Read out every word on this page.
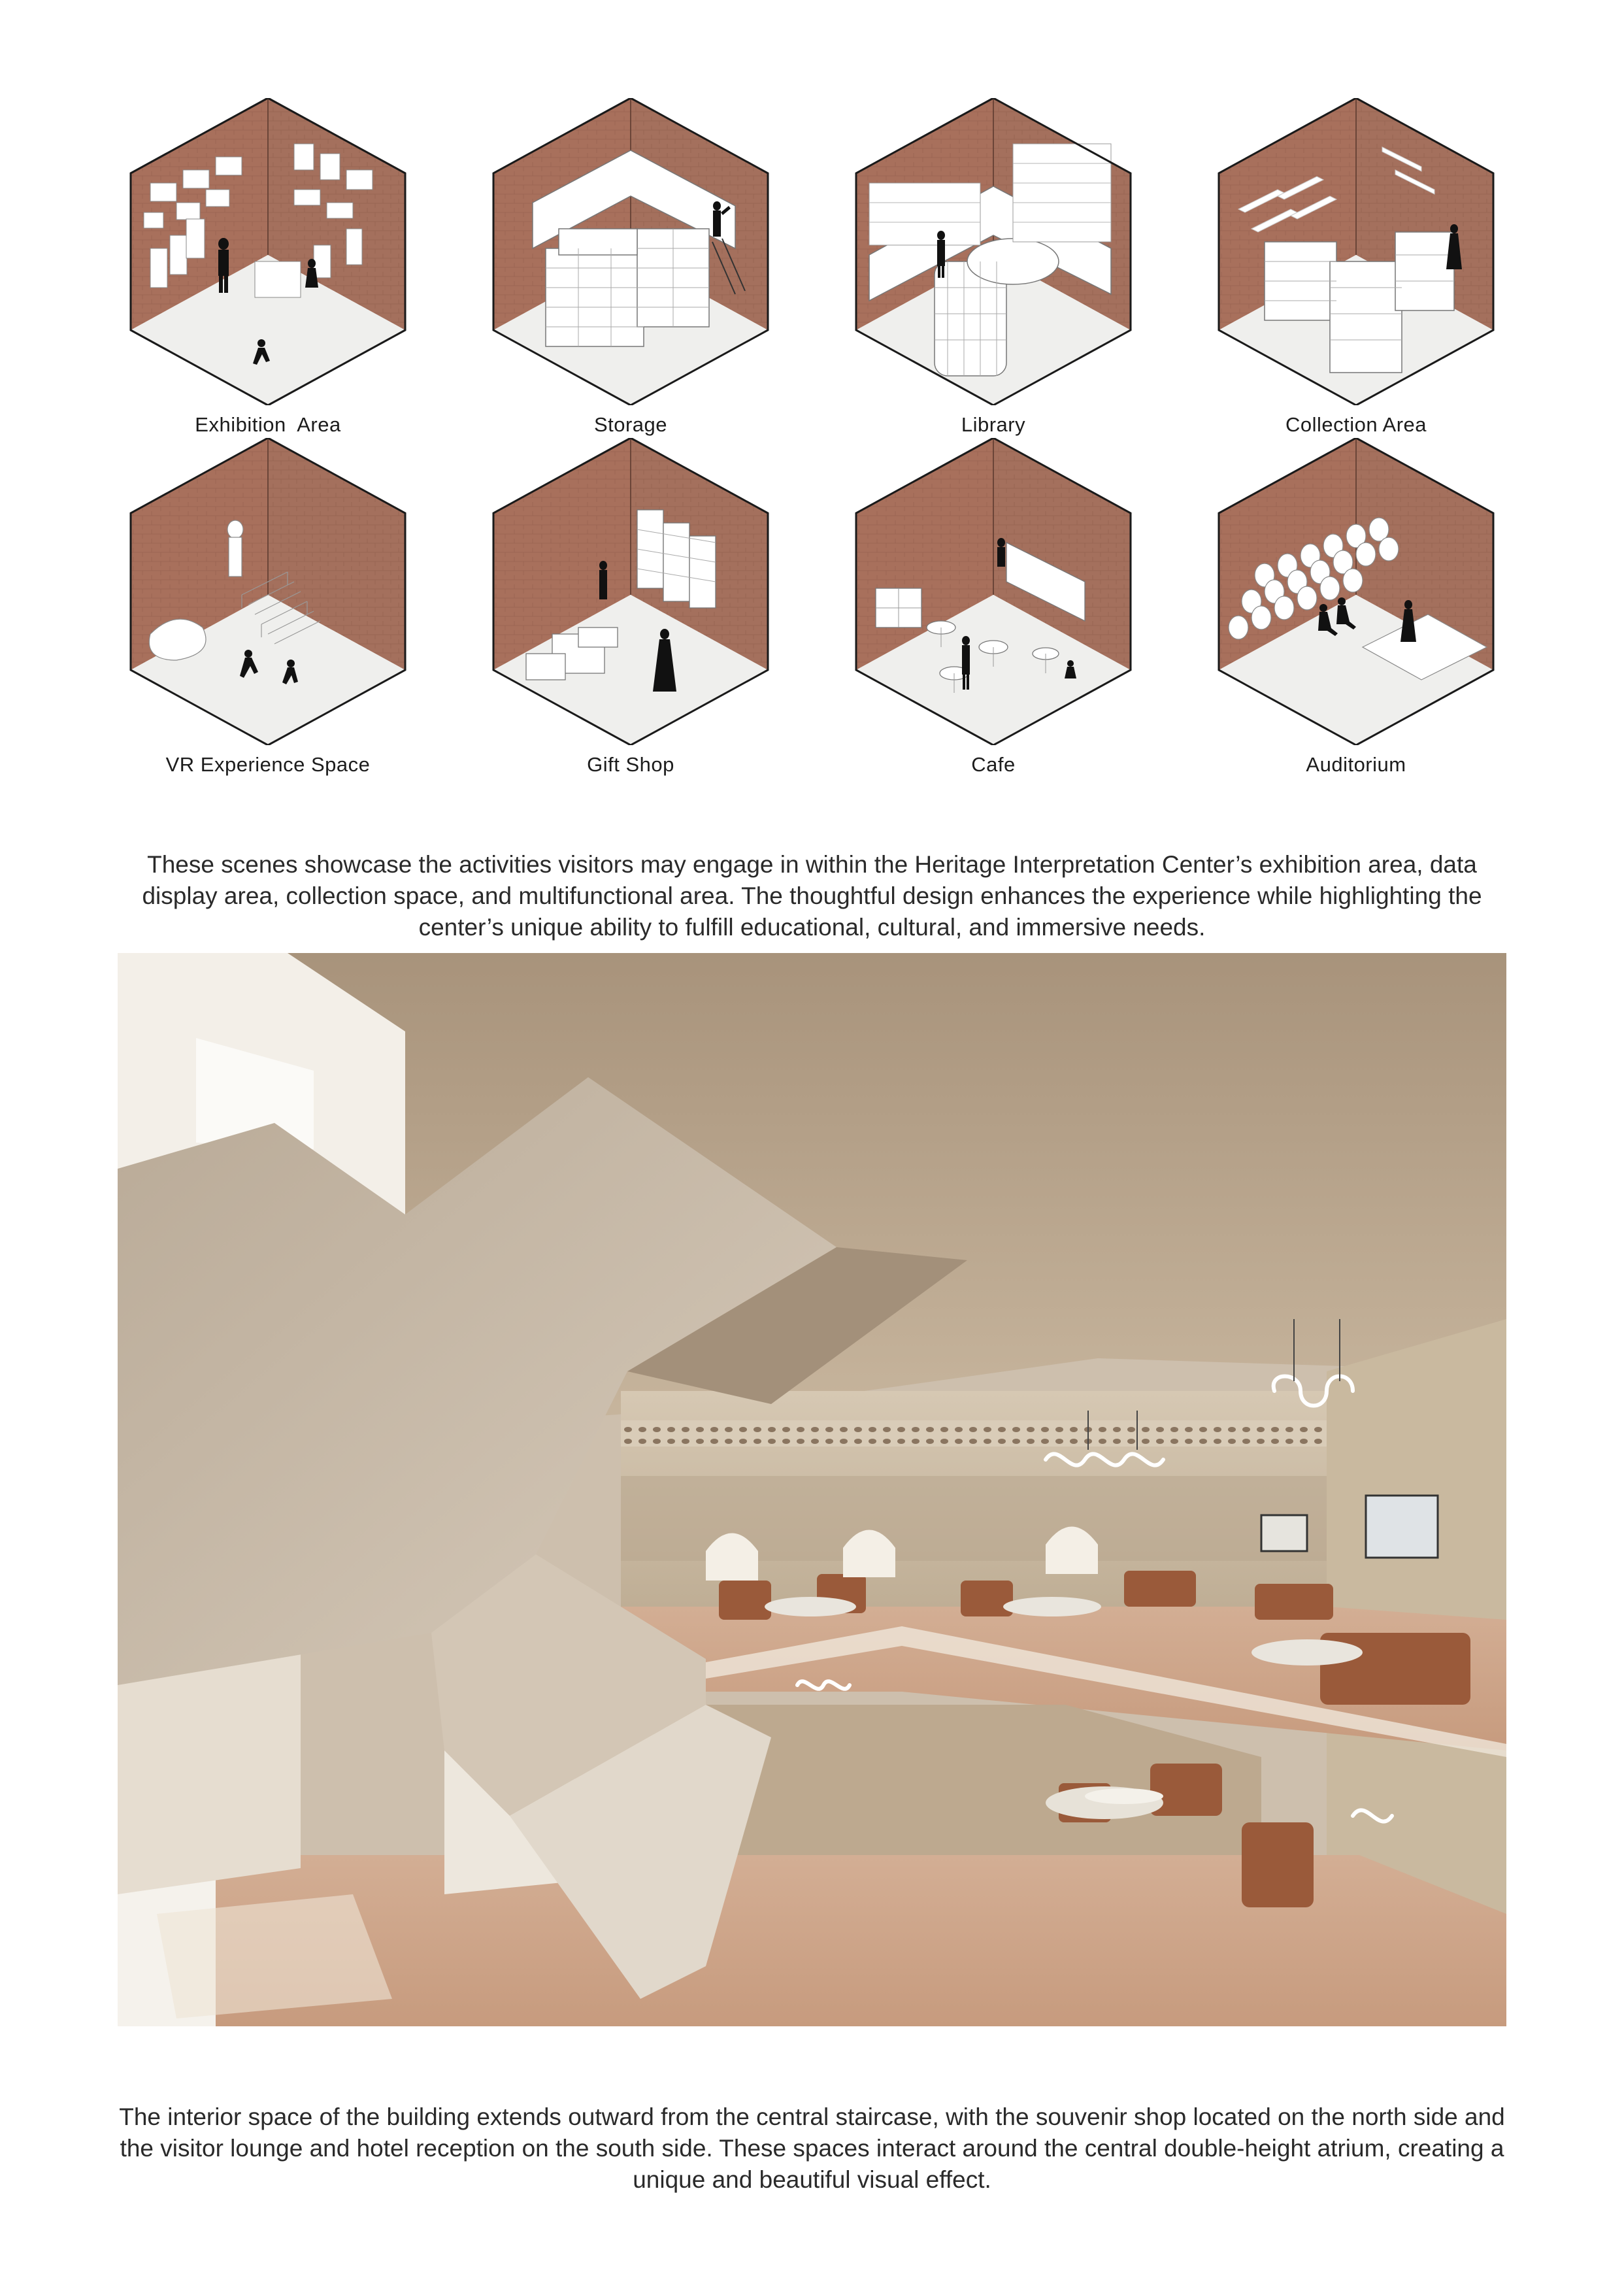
Exhibition  Area	Storage	Library	Collection Area
VR Experience Space	Gift Shop	Cafe	Auditorium

These scenes showcase the activities visitors may engage in within the Heritage Interpretation Center’s exhibition area, data display area, collection space, and multifunctional area. The thoughtful design enhances the experience while highlighting the center’s unique ability to fulfill educational, cultural, and immersive needs.

The interior space of the building extends outward from the central staircase, with the souvenir shop located on the north side and the visitor lounge and hotel reception on the south side. These spaces interact around the central double-height atrium, creating a unique and beautiful visual effect.
